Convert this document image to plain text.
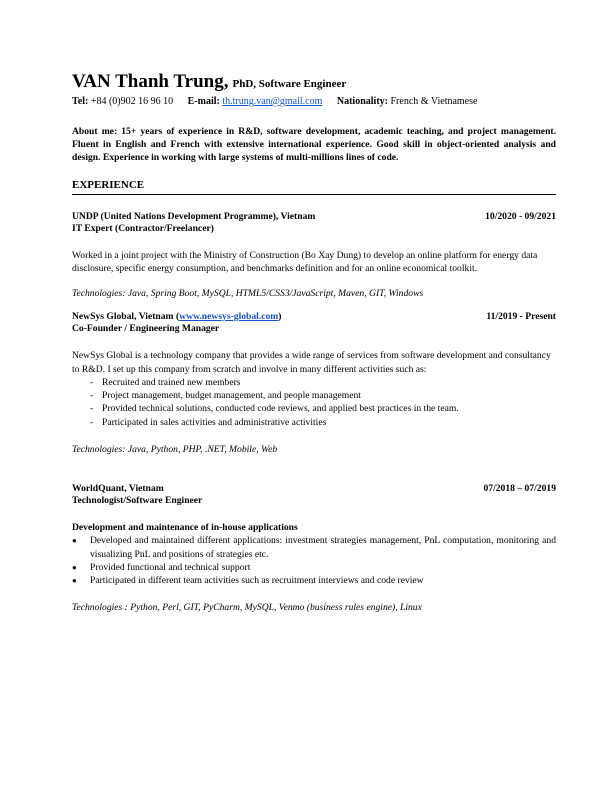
VAN Thanh Trung, PhD, Software Engineer
Tel: +84 (0)902 16 96 10 E-mail: th.trung.van@gmail.com Nationality: French & Vietnamese
About me: 15+ years of experience in R&D, software development, academic teaching, and project management. Fluent in English and French with extensive international experience. Good skill in object-oriented analysis and design. Experience in working with large systems of multi-millions lines of code.
EXPERIENCE
UNDP (United Nations Development Programme), Vietnam	10/2020 - 09/2021
IT Expert (Contractor/Freelancer)
Worked in a joint project with the Ministry of Construction (Bo Xay Dung) to develop an online platform for energy data disclosure, specific energy consumption, and benchmarks definition and for an online economical toolkit.
Technologies: Java, Spring Boot, MySQL, HTML5/CSS3/JavaScript, Maven, GIT, Windows
NewSys Global, Vietnam (www.newsys-global.com)	11/2019 - Present
Co-Founder / Engineering Manager
NewSys Global is a technology company that provides a wide range of services from software development and consultancy to R&D. I set up this company from scratch and involve in many different activities such as:
- Recruited and trained new members
- Project management, budget management, and people management
- Provided technical solutions, conducted code reviews, and applied best practices in the team.
- Participated in sales activities and administrative activities
Technologies: Java, Python, PHP, .NET, Mobile, Web
WorldQuant, Vietnam	07/2018 – 07/2019
Technologist/Software Engineer
Development and maintenance of in-house applications
● Developed and maintained different applications: investment strategies management, PnL computation, monitoring and visualizing PnL and positions of strategies etc.
● Provided functional and technical support
● Participated in different team activities such as recruitment interviews and code review
Technologies : Python, Perl, GIT, PyCharm, MySQL, Venmo (business rules engine), Linux
